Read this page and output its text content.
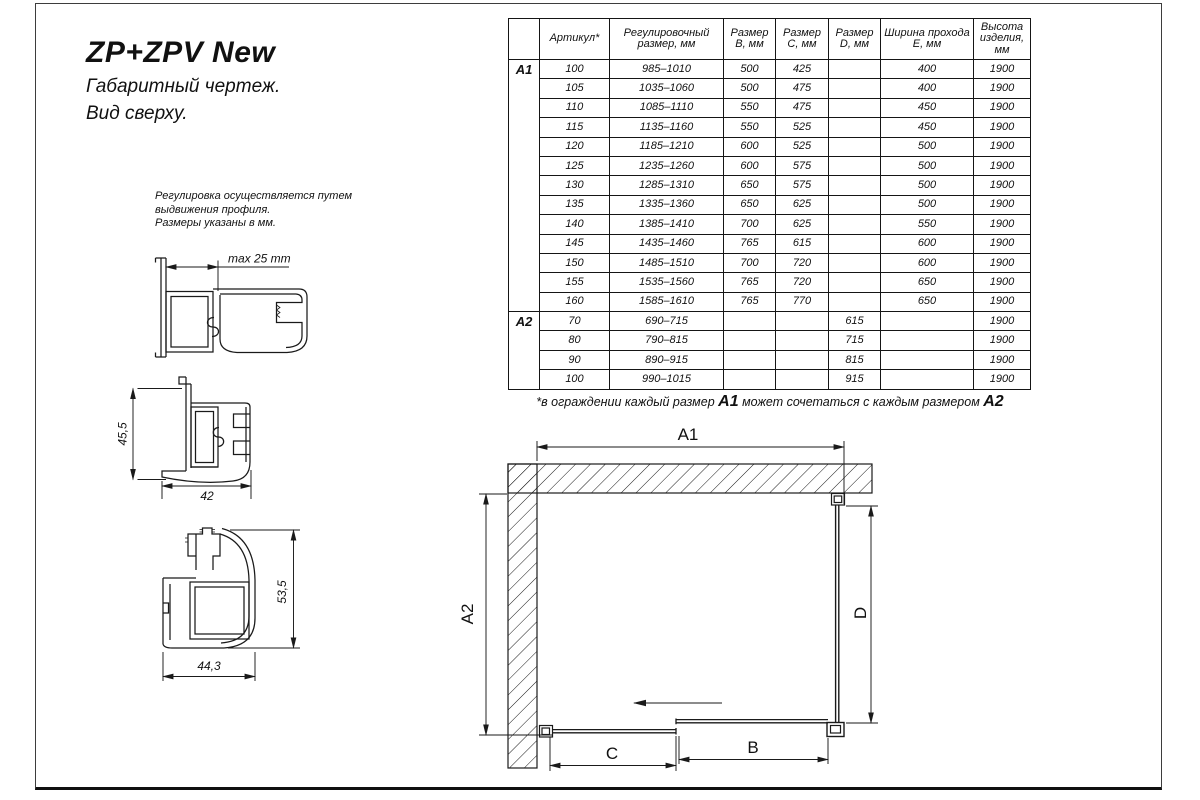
ZP+ZPV New
Габаритный чертеж.
Вид сверху.
Регулировка осуществляется путем
выдвижения профиля.
Размеры указаны в мм.
max 25 mm
45,5
42
53,5
44,3
	Артикул*	Регулировочный размер, мм	Размер B, мм	Размер C, мм	Размер D, мм	Ширина прохода E, мм	Высота изделия, мм
A1	100	985–1010	500	425		400	1900
	105	1035–1060	500	475		400	1900
	110	1085–1110	550	475		450	1900
	115	1135–1160	550	525		450	1900
	120	1185–1210	600	525		500	1900
	125	1235–1260	600	575		500	1900
	130	1285–1310	650	575		500	1900
	135	1335–1360	650	625		500	1900
	140	1385–1410	700	625		550	1900
	145	1435–1460	765	615		600	1900
	150	1485–1510	700	720		600	1900
	155	1535–1560	765	720		650	1900
	160	1585–1610	765	770		650	1900
A2	70	690–715			615		1900
	80	790–815			715		1900
	90	890–915			815		1900
	100	990–1015			915		1900
*в ограждении каждый размер A1 может сочетаться с каждым размером A2
A1
A2	D
C	B
